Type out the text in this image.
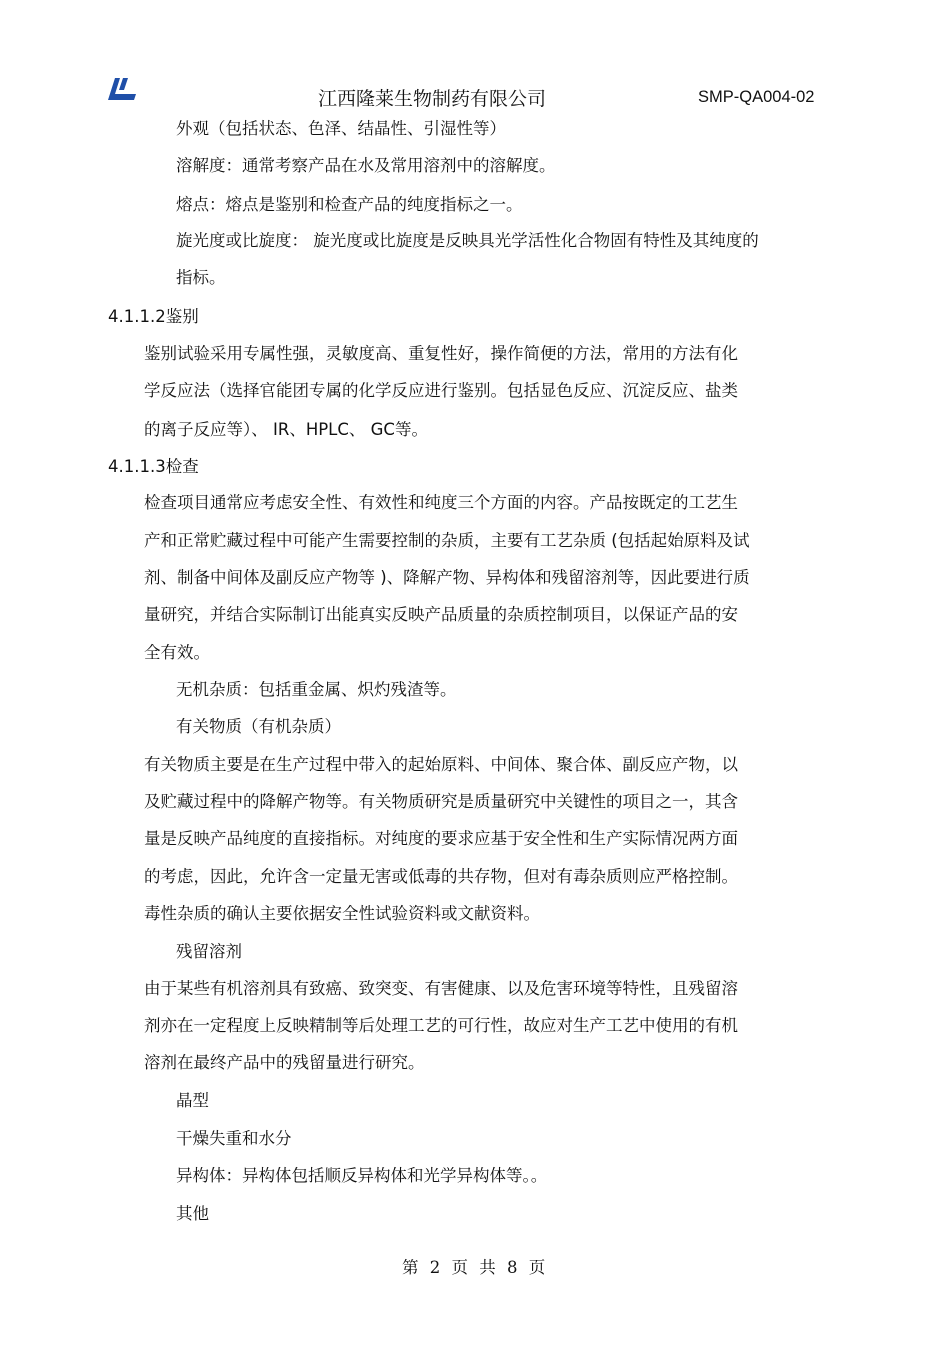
江西隆莱生物制药有限公司	SMP-QA004-02
外观（包括状态、色泽、结晶性、引湿性等）
溶解度：通常考察产品在水及常用溶剂中的溶解度。
熔点：熔点是鉴别和检查产品的纯度指标之一。
旋光度或比旋度： 旋光度或比旋度是反映具光学活性化合物固有特性及其纯度的
指标。
4.1.1.2鉴别
鉴别试验采用专属性强，灵敏度高、重复性好，操作简便的方法，常用的方法有化
学反应法（选择官能团专属的化学反应进行鉴别。包括显色反应、沉淀反应、盐类
的离子反应等）、 IR、HPLC、 GC等。
4.1.1.3检查
检查项目通常应考虑安全性、有效性和纯度三个方面的内容。产品按既定的工艺生
产和正常贮藏过程中可能产生需要控制的杂质，主要有工艺杂质 (包括起始原料及试
剂、制备中间体及副反应产物等 )、降解产物、异构体和残留溶剂等，因此要进行质
量研究，并结合实际制订出能真实反映产品质量的杂质控制项目，以保证产品的安
全有效。
无机杂质：包括重金属、炽灼残渣等。
有关物质（有机杂质）
有关物质主要是在生产过程中带入的起始原料、中间体、聚合体、副反应产物，以
及贮藏过程中的降解产物等。有关物质研究是质量研究中关键性的项目之一，其含
量是反映产品纯度的直接指标。对纯度的要求应基于安全性和生产实际情况两方面
的考虑，因此，允许含一定量无害或低毒的共存物，但对有毒杂质则应严格控制。
毒性杂质的确认主要依据安全性试验资料或文献资料。
残留溶剂
由于某些有机溶剂具有致癌、致突变、有害健康、以及危害环境等特性，且残留溶
剂亦在一定程度上反映精制等后处理工艺的可行性，故应对生产工艺中使用的有机
溶剂在最终产品中的残留量进行研究。
晶型
干燥失重和水分
异构体：异构体包括顺反异构体和光学异构体等。。
其他
第 2 页 共 8 页
